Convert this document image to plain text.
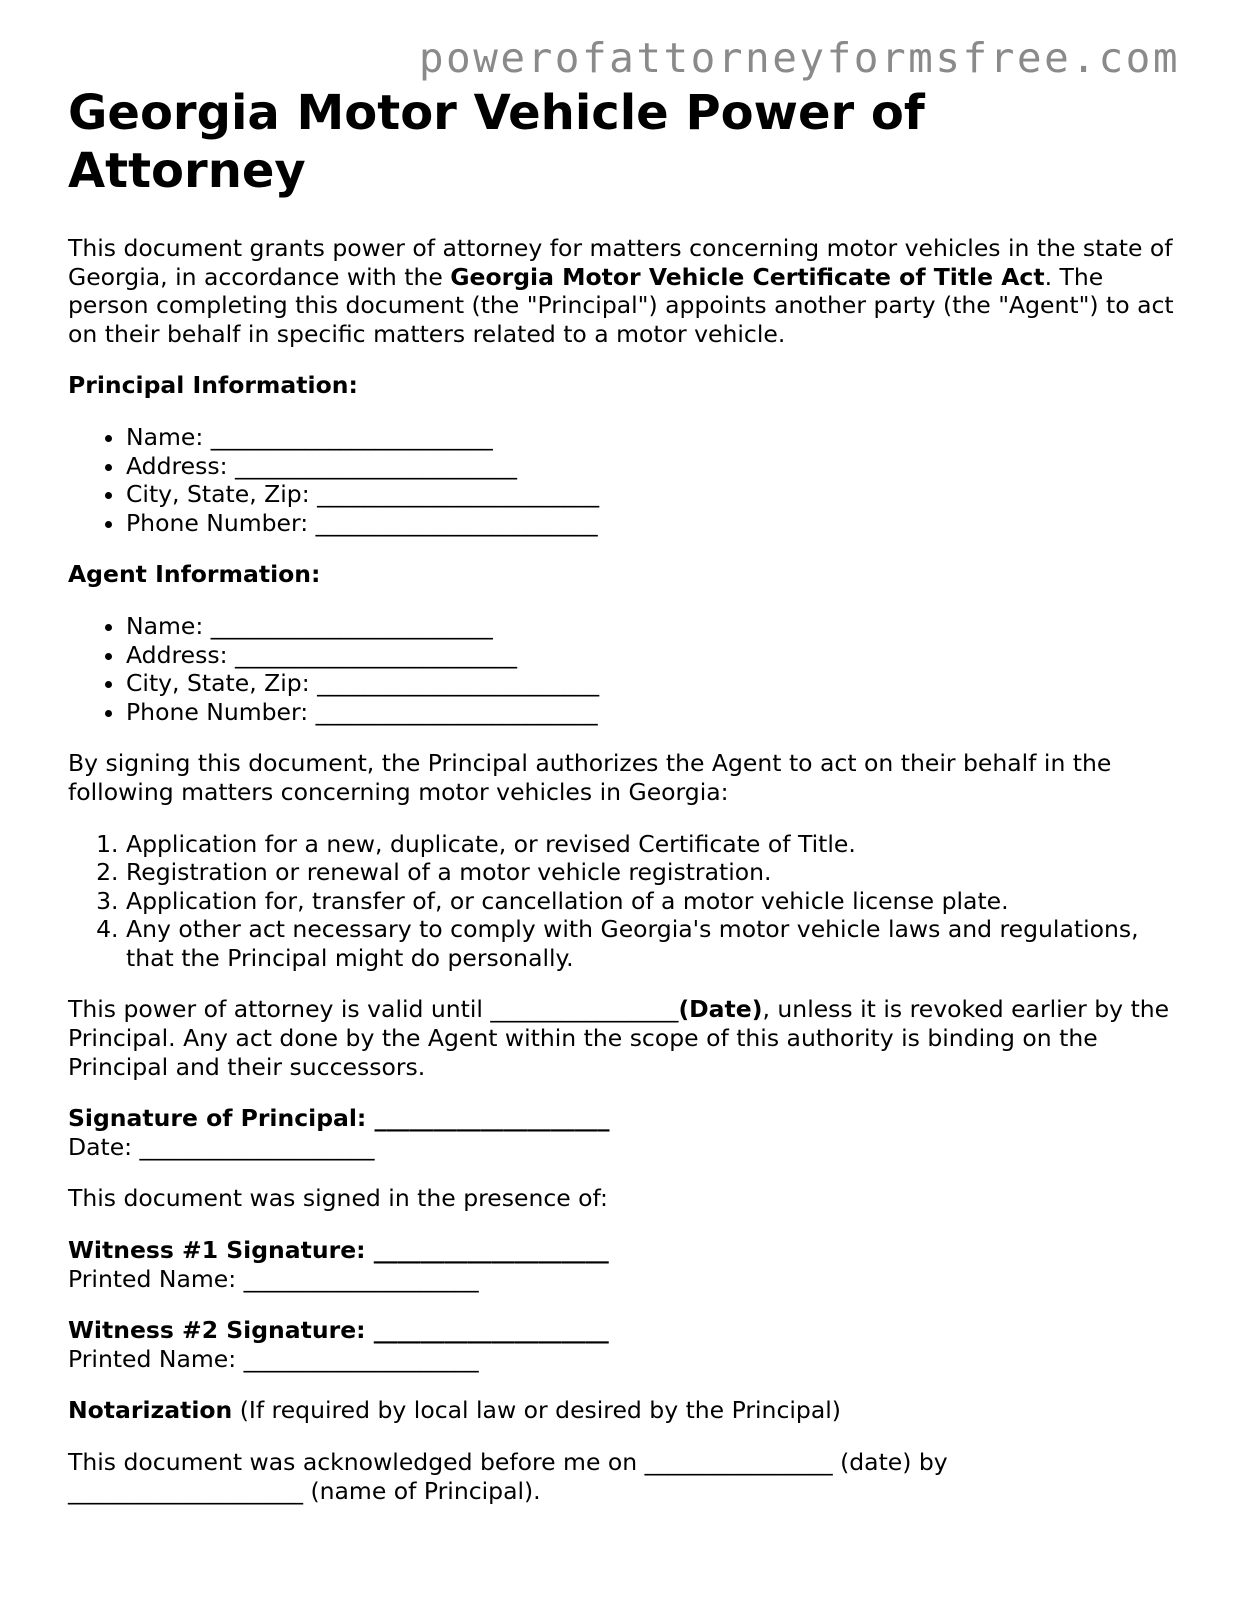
powerofattorneyformsfree.com
Georgia Motor Vehicle Power of Attorney

This document grants power of attorney for matters concerning motor vehicles in the state of Georgia, in accordance with the Georgia Motor Vehicle Certificate of Title Act. The person completing this document (the "Principal") appoints another party (the "Agent") to act on their behalf in specific matters related to a motor vehicle.

Principal Information:

• Name: ________________________
• Address: ________________________
• City, State, Zip: ________________________
• Phone Number: ________________________

Agent Information:

• Name: ________________________
• Address: ________________________
• City, State, Zip: ________________________
• Phone Number: ________________________

By signing this document, the Principal authorizes the Agent to act on their behalf in the following matters concerning motor vehicles in Georgia:

1. Application for a new, duplicate, or revised Certificate of Title.
2. Registration or renewal of a motor vehicle registration.
3. Application for, transfer of, or cancellation of a motor vehicle license plate.
4. Any other act necessary to comply with Georgia's motor vehicle laws and regulations, that the Principal might do personally.

This power of attorney is valid until ________________(Date), unless it is revoked earlier by the Principal. Any act done by the Agent within the scope of this authority is binding on the Principal and their successors.

Signature of Principal: ____________________
Date: ____________________

This document was signed in the presence of:

Witness #1 Signature: ____________________
Printed Name: ____________________

Witness #2 Signature: ____________________
Printed Name: ____________________

Notarization (If required by local law or desired by the Principal)

This document was acknowledged before me on ________________ (date) by
____________________ (name of Principal).
